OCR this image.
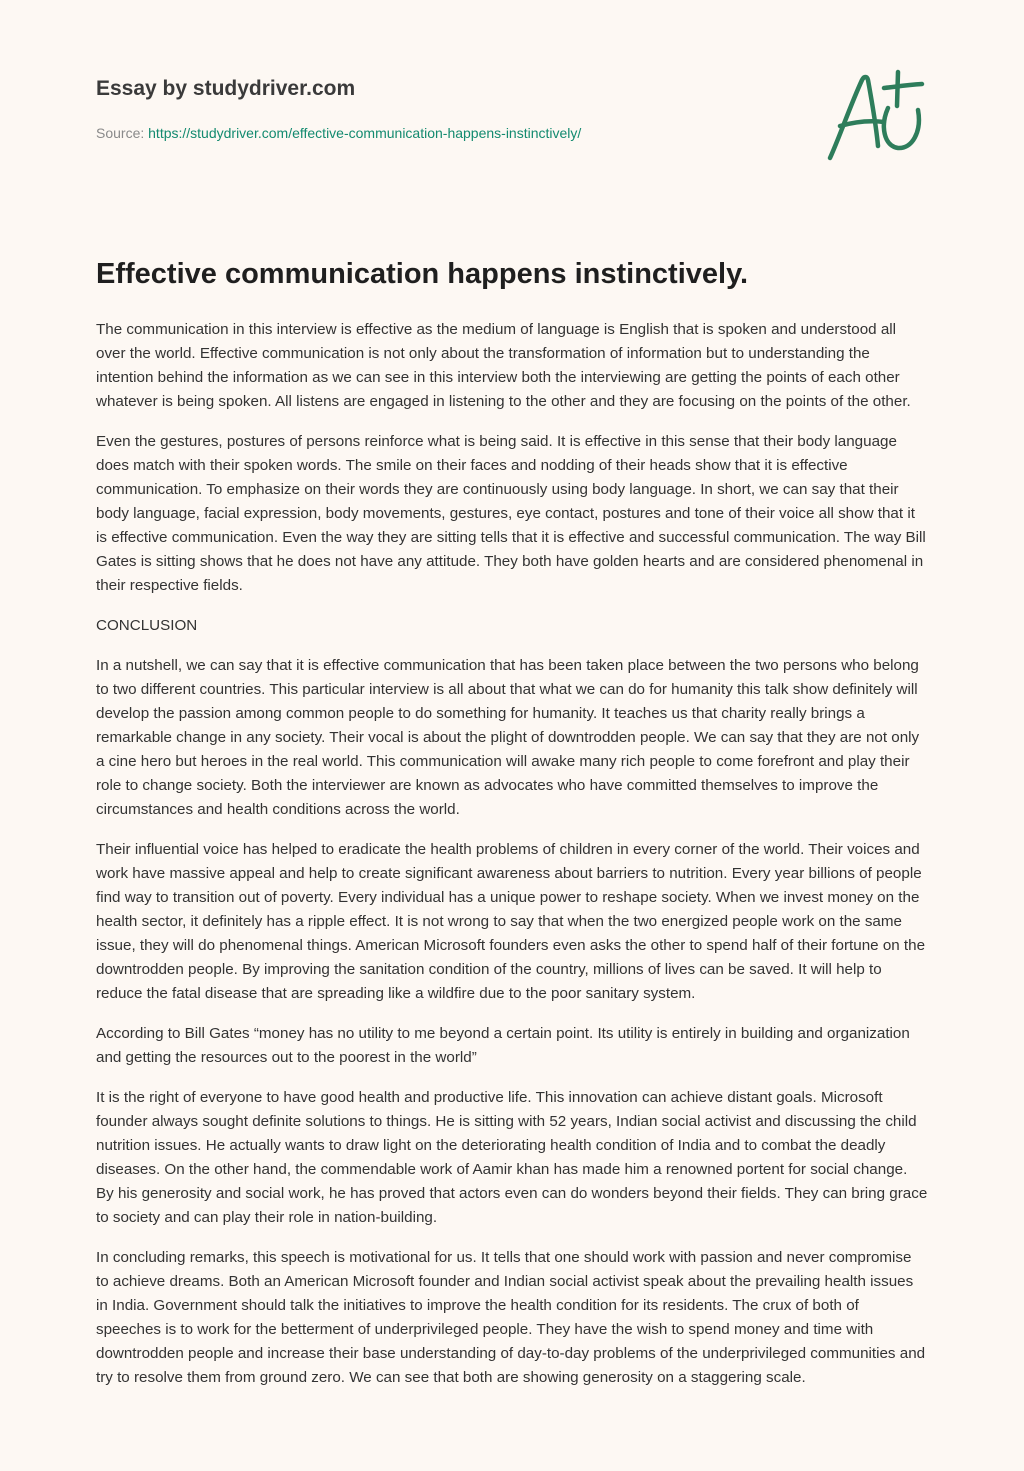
Essay by studydriver.com
Source: https://studydriver.com/effective-communication-happens-instinctively/
Effective communication happens instinctively.

The communication in this interview is effective as the medium of language is English that is spoken and understood all over the world. Effective communication is not only about the transformation of information but to understanding the intention behind the information as we can see in this interview both the interviewing are getting the points of each other whatever is being spoken. All listens are engaged in listening to the other and they are focusing on the points of the other.

Even the gestures, postures of persons reinforce what is being said. It is effective in this sense that their body language does match with their spoken words. The smile on their faces and nodding of their heads show that it is effective communication. To emphasize on their words they are continuously using body language. In short, we can say that their body language, facial expression, body movements, gestures, eye contact, postures and tone of their voice all show that it is effective communication. Even the way they are sitting tells that it is effective and successful communication. The way Bill Gates is sitting shows that he does not have any attitude. They both have golden hearts and are considered phenomenal in their respective fields.

CONCLUSION

In a nutshell, we can say that it is effective communication that has been taken place between the two persons who belong to two different countries. This particular interview is all about that what we can do for humanity this talk show definitely will develop the passion among common people to do something for humanity. It teaches us that charity really brings a remarkable change in any society. Their vocal is about the plight of downtrodden people. We can say that they are not only a cine hero but heroes in the real world. This communication will awake many rich people to come forefront and play their role to change society. Both the interviewer are known as advocates who have committed themselves to improve the circumstances and health conditions across the world.

Their influential voice has helped to eradicate the health problems of children in every corner of the world. Their voices and work have massive appeal and help to create significant awareness about barriers to nutrition. Every year billions of people find way to transition out of poverty. Every individual has a unique power to reshape society. When we invest money on the health sector, it definitely has a ripple effect. It is not wrong to say that when the two energized people work on the same issue, they will do phenomenal things. American Microsoft founders even asks the other to spend half of their fortune on the downtrodden people. By improving the sanitation condition of the country, millions of lives can be saved. It will help to reduce the fatal disease that are spreading like a wildfire due to the poor sanitary system.

According to Bill Gates “money has no utility to me beyond a certain point. Its utility is entirely in building and organization and getting the resources out to the poorest in the world”

It is the right of everyone to have good health and productive life. This innovation can achieve distant goals. Microsoft founder always sought definite solutions to things. He is sitting with 52 years, Indian social activist and discussing the child nutrition issues. He actually wants to draw light on the deteriorating health condition of India and to combat the deadly diseases. On the other hand, the commendable work of Aamir khan has made him a renowned portent for social change. By his generosity and social work, he has proved that actors even can do wonders beyond their fields. They can bring grace to society and can play their role in nation-building.

In concluding remarks, this speech is motivational for us. It tells that one should work with passion and never compromise to achieve dreams. Both an American Microsoft founder and Indian social activist speak about the prevailing health issues in India. Government should talk the initiatives to improve the health condition for its residents. The crux of both of speeches is to work for the betterment of underprivileged people. They have the wish to spend money and time with downtrodden people and increase their base understanding of day-to-day problems of the underprivileged communities and try to resolve them from ground zero. We can see that both are showing generosity on a staggering scale.
